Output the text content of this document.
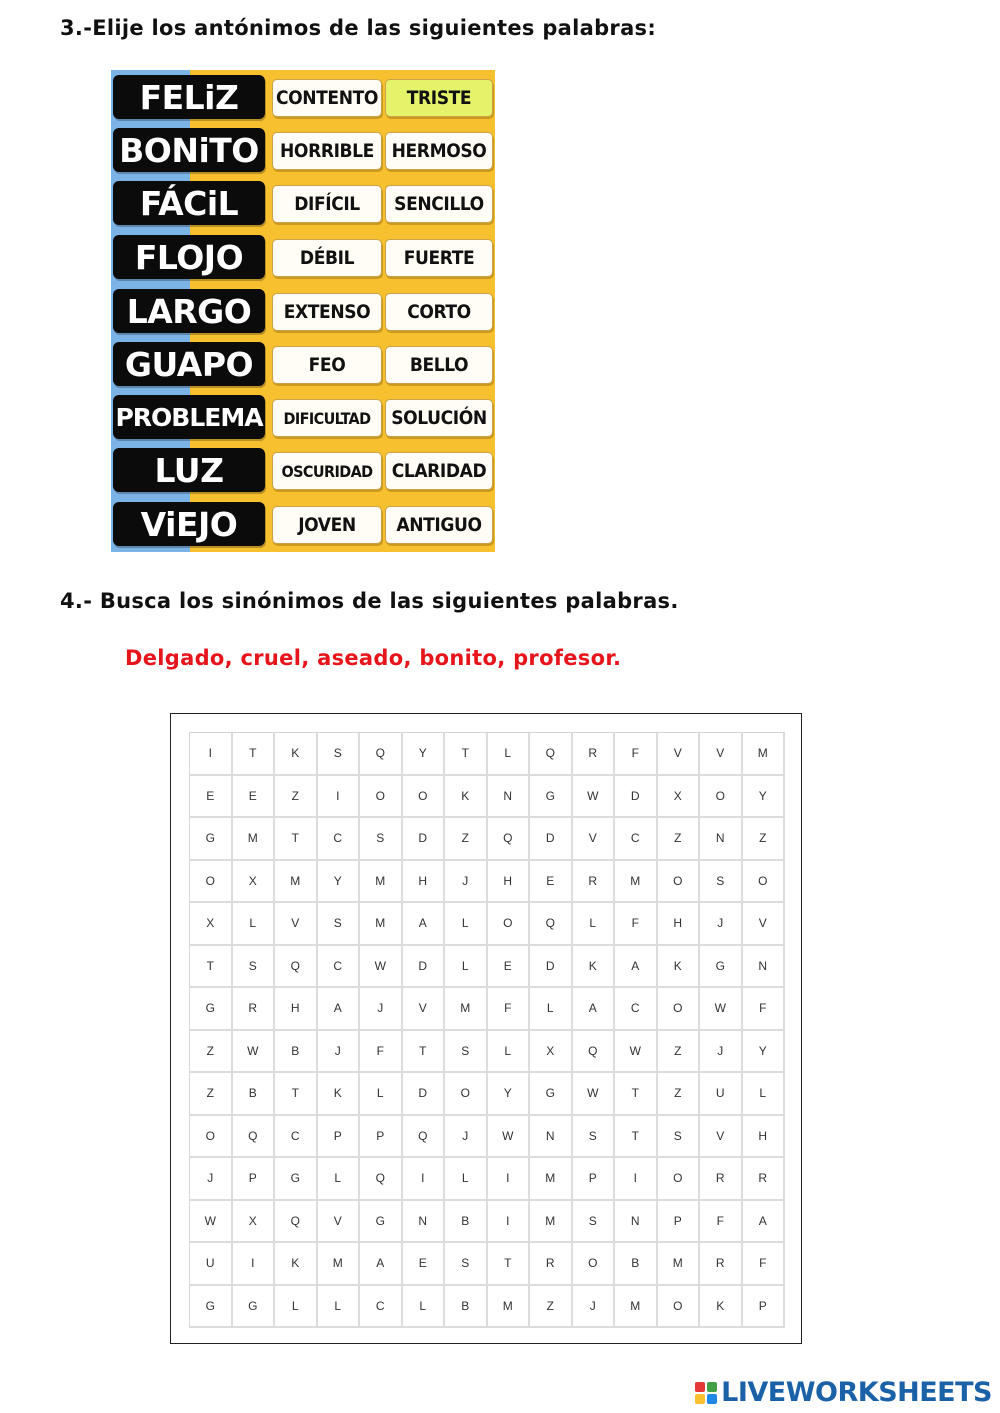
3.-Elije los antónimos de las siguientes palabras:
FELiZ	CONTENTO	TRISTE
BONiTO	HORRIBLE HERMOSO
FÁCiL	DIFÍCIL	SENCILLO
FLOJO	DÉBIL	FUERTE
LARGO	EXTENSO	CORTO
GUAPO	FEO	BELLO
PROBLEMA	DIFICULTAD	SOLUCIÓN
LUZ	OSCURIDAD	CLARIDAD
ViEJO	JOVEN	ANTIGUO
4.- Busca los sinónimos de las siguientes palabras.
Delgado, cruel, aseado, bonito, profesor.
I	T	K	S	Q	Y	T	L	Q	R	F	V	V	M
E	E	Z	I	O	O	K	N	G	W	D	X	O	Y
G	M	T	C	S	D	Z	Q	D	V	C	Z	N	Z
O	X	M	Y	M	H	J	H	E	R	M	O	S	O
X	L	V	S	M	A	L	O	Q	L	F	H	J	V
T	S	Q	C	W	D	L	E	D	K	A	K	G	N
G	R	H	A	J	V	M	F	L	A	C	O	W	F
Z	W	B	J	F	T	S	L	X	Q	W	Z	J	Y
Z	B	T	K	L	D	O	Y	G	W	T	Z	U	L
O	Q	C	P	P	Q	J	W	N	S	T	S	V	H
J	P	G	L	Q	I	L	I	M	P	I	O	R	R
W	X	Q	V	G	N	B	I	M	S	N	P	F	A
U	I	K	M	A	E	S	T	R	O	B	M	R	F
G	G	L	L	C	L	B	M	Z	J	M	O	K	P
LIVEWORKSHEETS
